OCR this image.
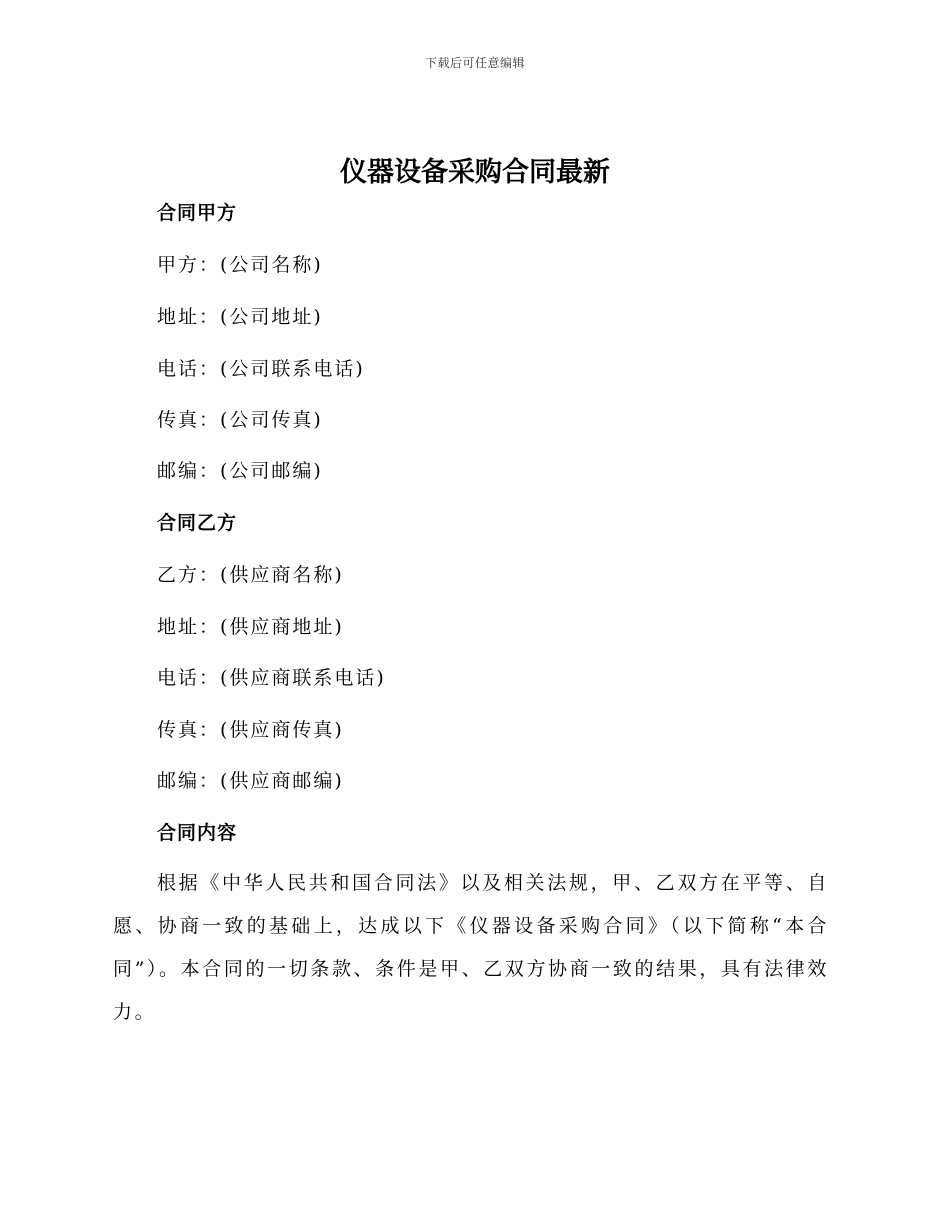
下载后可任意编辑
仪器设备采购合同最新
合同甲方

甲方：(公司名称)

地址：(公司地址)

电话：(公司联系电话)

传真：(公司传真)

邮编：(公司邮编)

合同乙方

乙方：(供应商名称)

地址：(供应商地址)

电话：(供应商联系电话)

传真：(供应商传真)

邮编：(供应商邮编)

合同内容

根据《中华人民共和国合同法》以及相关法规，甲、乙双方在平等、自愿、协商一致的基础上，达成以下《仪器设备采购合同》（以下简称“本合同”）。本合同的一切条款、条件是甲、乙双方协商一致的结果，具有法律效力。
